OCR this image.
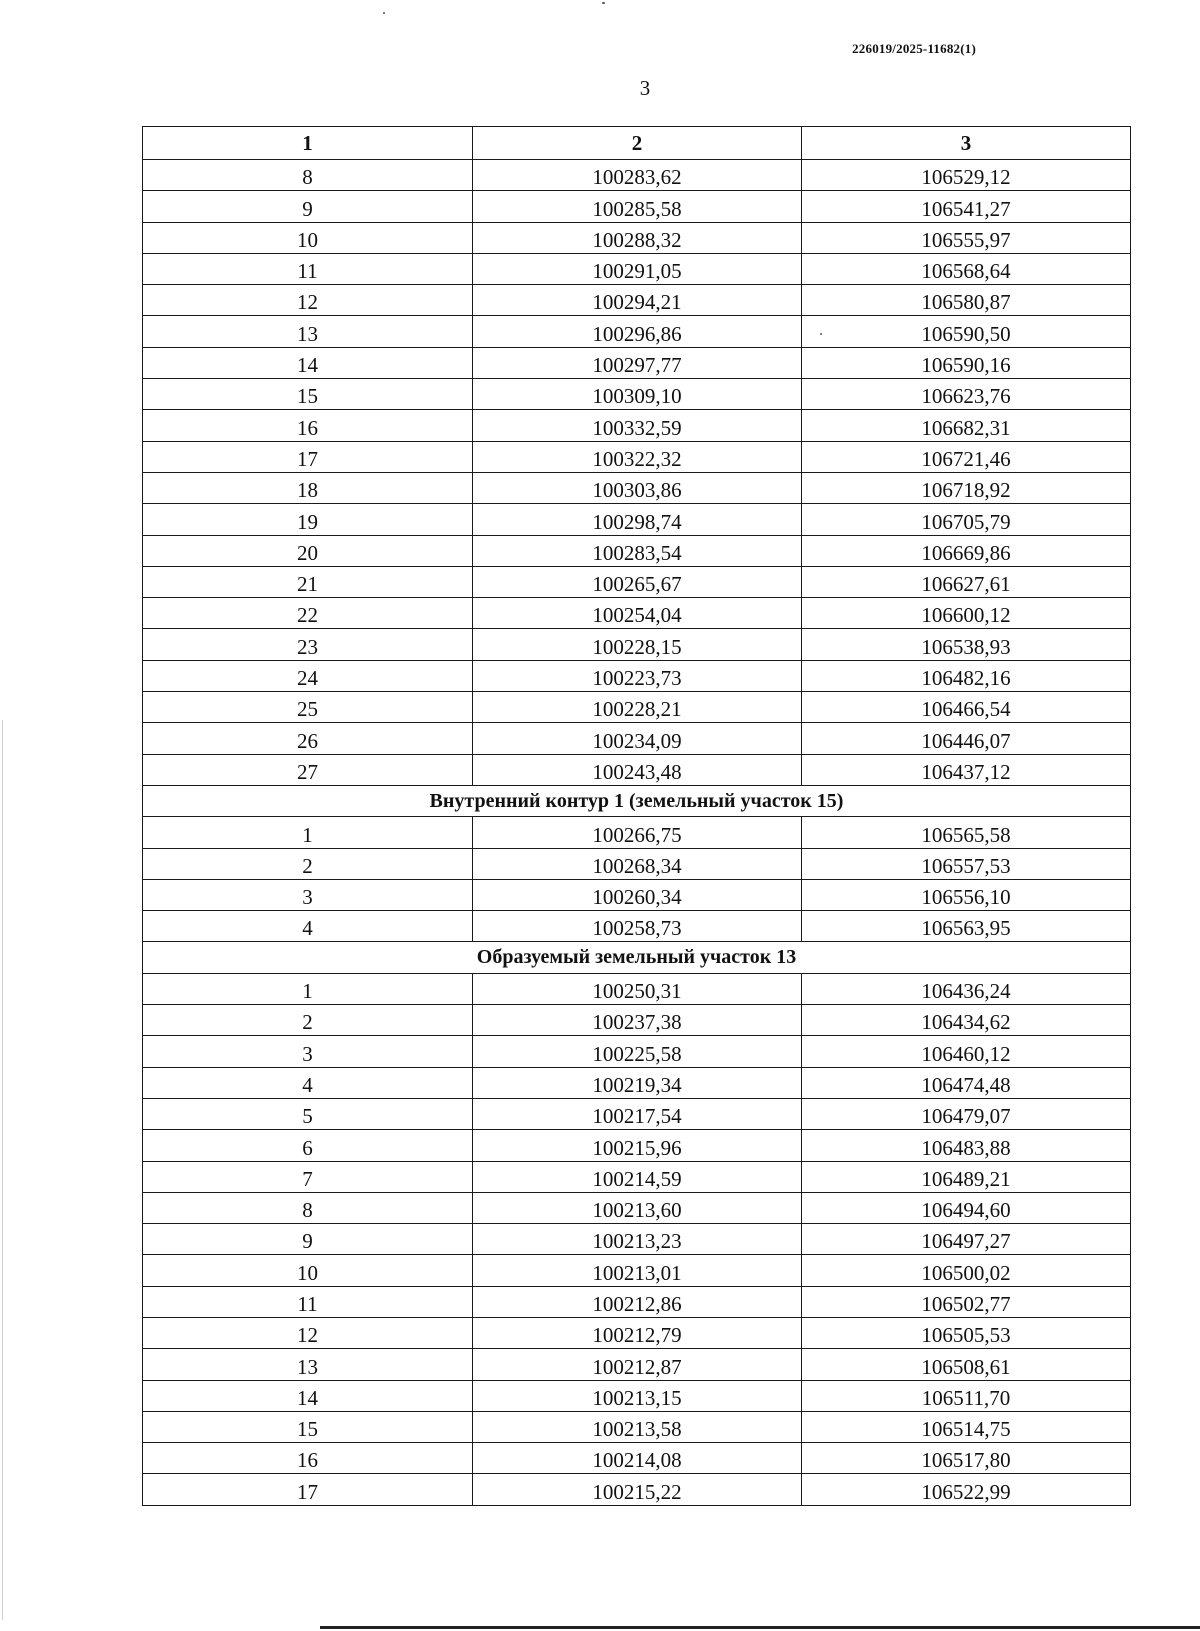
226019/2025-11682(1)
3
1	2	3
8	100283,62	106529,12
9	100285,58	106541,27
10	100288,32	106555,97
11	100291,05	106568,64
12	100294,21	106580,87
13	100296,86	106590,50
14	100297,77	106590,16
15	100309,10	106623,76
16	100332,59	106682,31
17	100322,32	106721,46
18	100303,86	106718,92
19	100298,74	106705,79
20	100283,54	106669,86
21	100265,67	106627,61
22	100254,04	106600,12
23	100228,15	106538,93
24	100223,73	106482,16
25	100228,21	106466,54
26	100234,09	106446,07
27	100243,48	106437,12
Внутренний контур 1 (земельный участок 15)		
1	100266,75	106565,58
2	100268,34	106557,53
3	100260,34	106556,10
4	100258,73	106563,95
Образуемый земельный участок 13		
1	100250,31	106436,24
2	100237,38	106434,62
3	100225,58	106460,12
4	100219,34	106474,48
5	100217,54	106479,07
6	100215,96	106483,88
7	100214,59	106489,21
8	100213,60	106494,60
9	100213,23	106497,27
10	100213,01	106500,02
11	100212,86	106502,77
12	100212,79	106505,53
13	100212,87	106508,61
14	100213,15	106511,70
15	100213,58	106514,75
16	100214,08	106517,80
17	100215,22	106522,99
